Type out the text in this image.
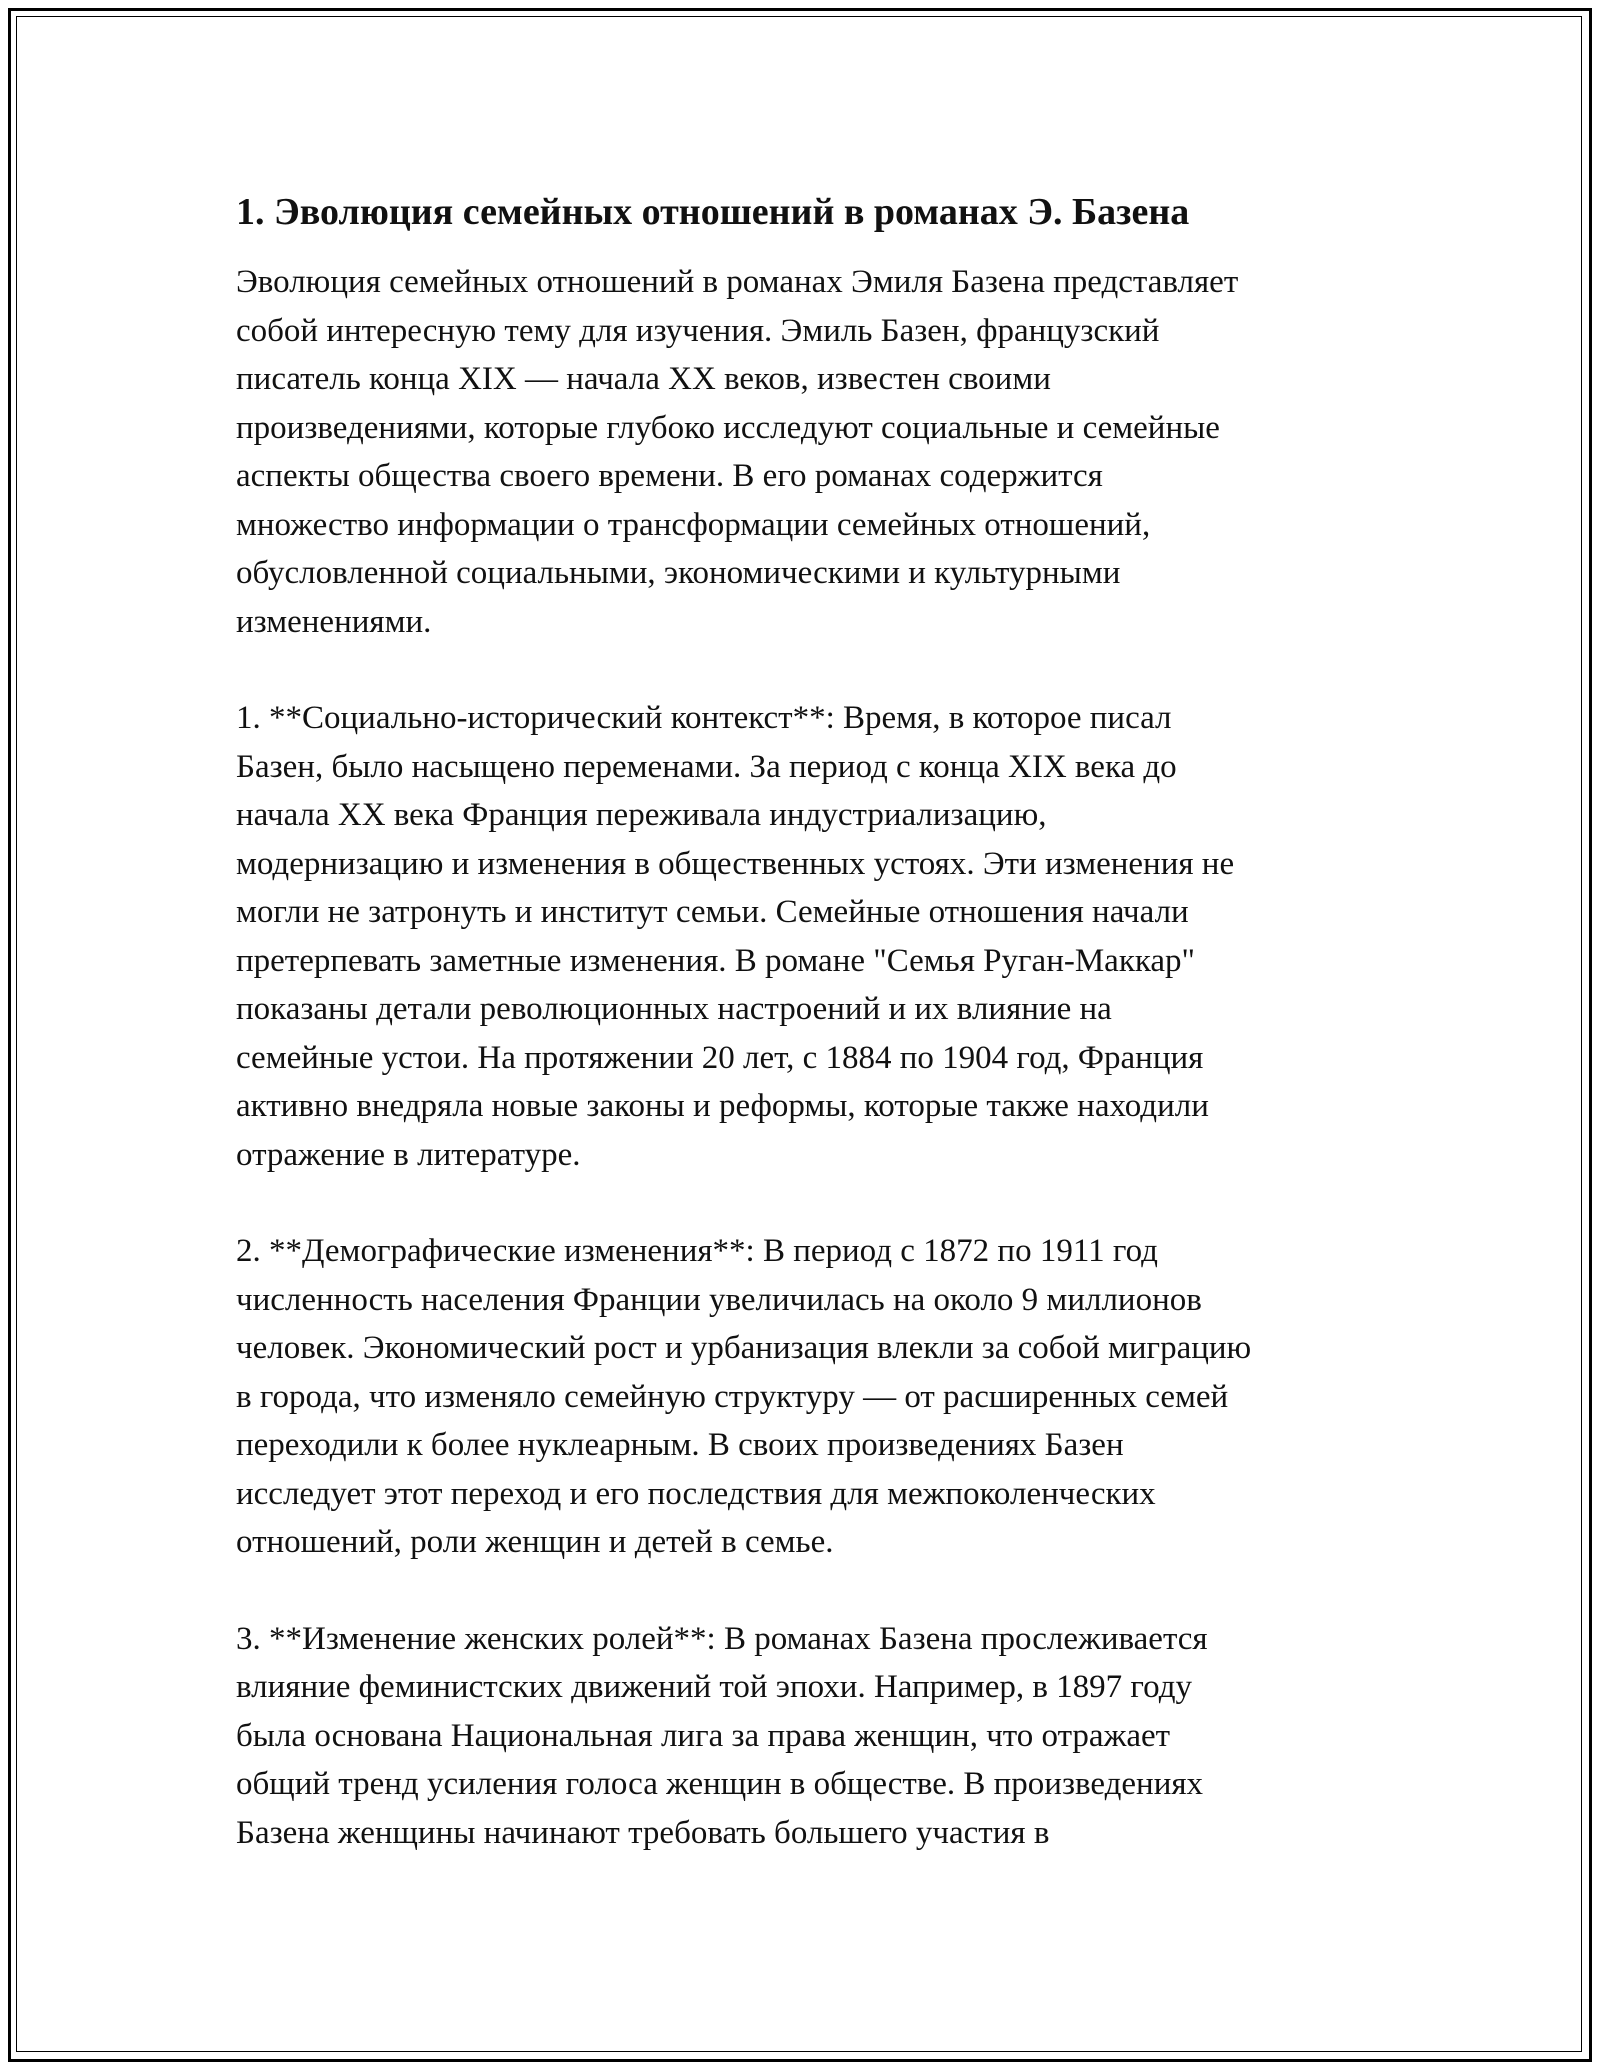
1. Эволюция семейных отношений в романах Э. Базена

Эволюция семейных отношений в романах Эмиля Базена представляет
собой интересную тему для изучения. Эмиль Базен, французский
писатель конца XIX — начала XX веков, известен своими
произведениями, которые глубоко исследуют социальные и семейные
аспекты общества своего времени. В его романах содержится
множество информации о трансформации семейных отношений,
обусловленной социальными, экономическими и культурными
изменениями.

1. **Социально-исторический контекст**: Время, в которое писал
Базен, было насыщено переменами. За период с конца XIX века до
начала XX века Франция переживала индустриализацию,
модернизацию и изменения в общественных устоях. Эти изменения не
могли не затронуть и институт семьи. Семейные отношения начали
претерпевать заметные изменения. В романе "Семья Руган-Маккар"
показаны детали революционных настроений и их влияние на
семейные устои. На протяжении 20 лет, с 1884 по 1904 год, Франция
активно внедряла новые законы и реформы, которые также находили
отражение в литературе.

2. **Демографические изменения**: В период с 1872 по 1911 год
численность населения Франции увеличилась на около 9 миллионов
человек. Экономический рост и урбанизация влекли за собой миграцию
в города, что изменяло семейную структуру — от расширенных семей
переходили к более нуклеарным. В своих произведениях Базен
исследует этот переход и его последствия для межпоколенческих
отношений, роли женщин и детей в семье.

3. **Изменение женских ролей**: В романах Базена прослеживается
влияние феминистских движений той эпохи. Например, в 1897 году
была основана Национальная лига за права женщин, что отражает
общий тренд усиления голоса женщин в обществе. В произведениях
Базена женщины начинают требовать большего участия в
